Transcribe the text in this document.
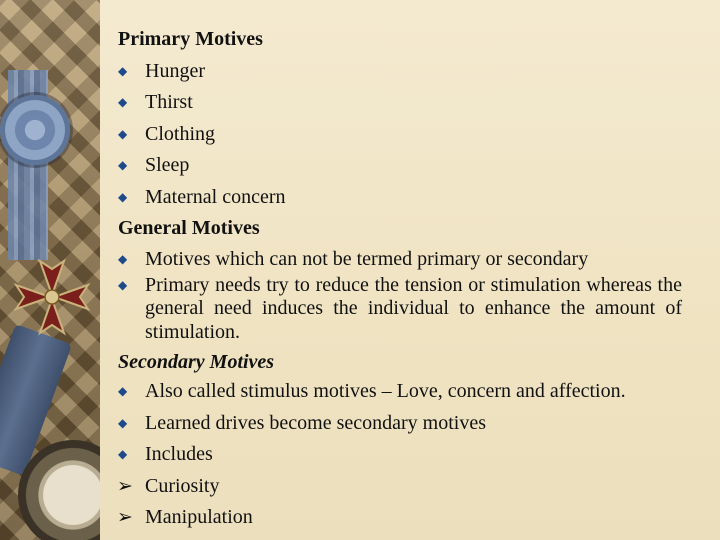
Primary Motives
◆ Hunger
◆ Thirst
◆ Clothing
◆ Sleep
◆ Maternal concern
General Motives
◆ Motives which can not be termed primary or secondary
◆ Primary needs try to reduce the tension or stimulation whereas the general need induces the individual to enhance the amount of stimulation.
Secondary Motives
◆ Also called stimulus motives – Love, concern and affection.
◆ Learned drives become secondary motives
◆ Includes
➢ Curiosity
➢ Manipulation
